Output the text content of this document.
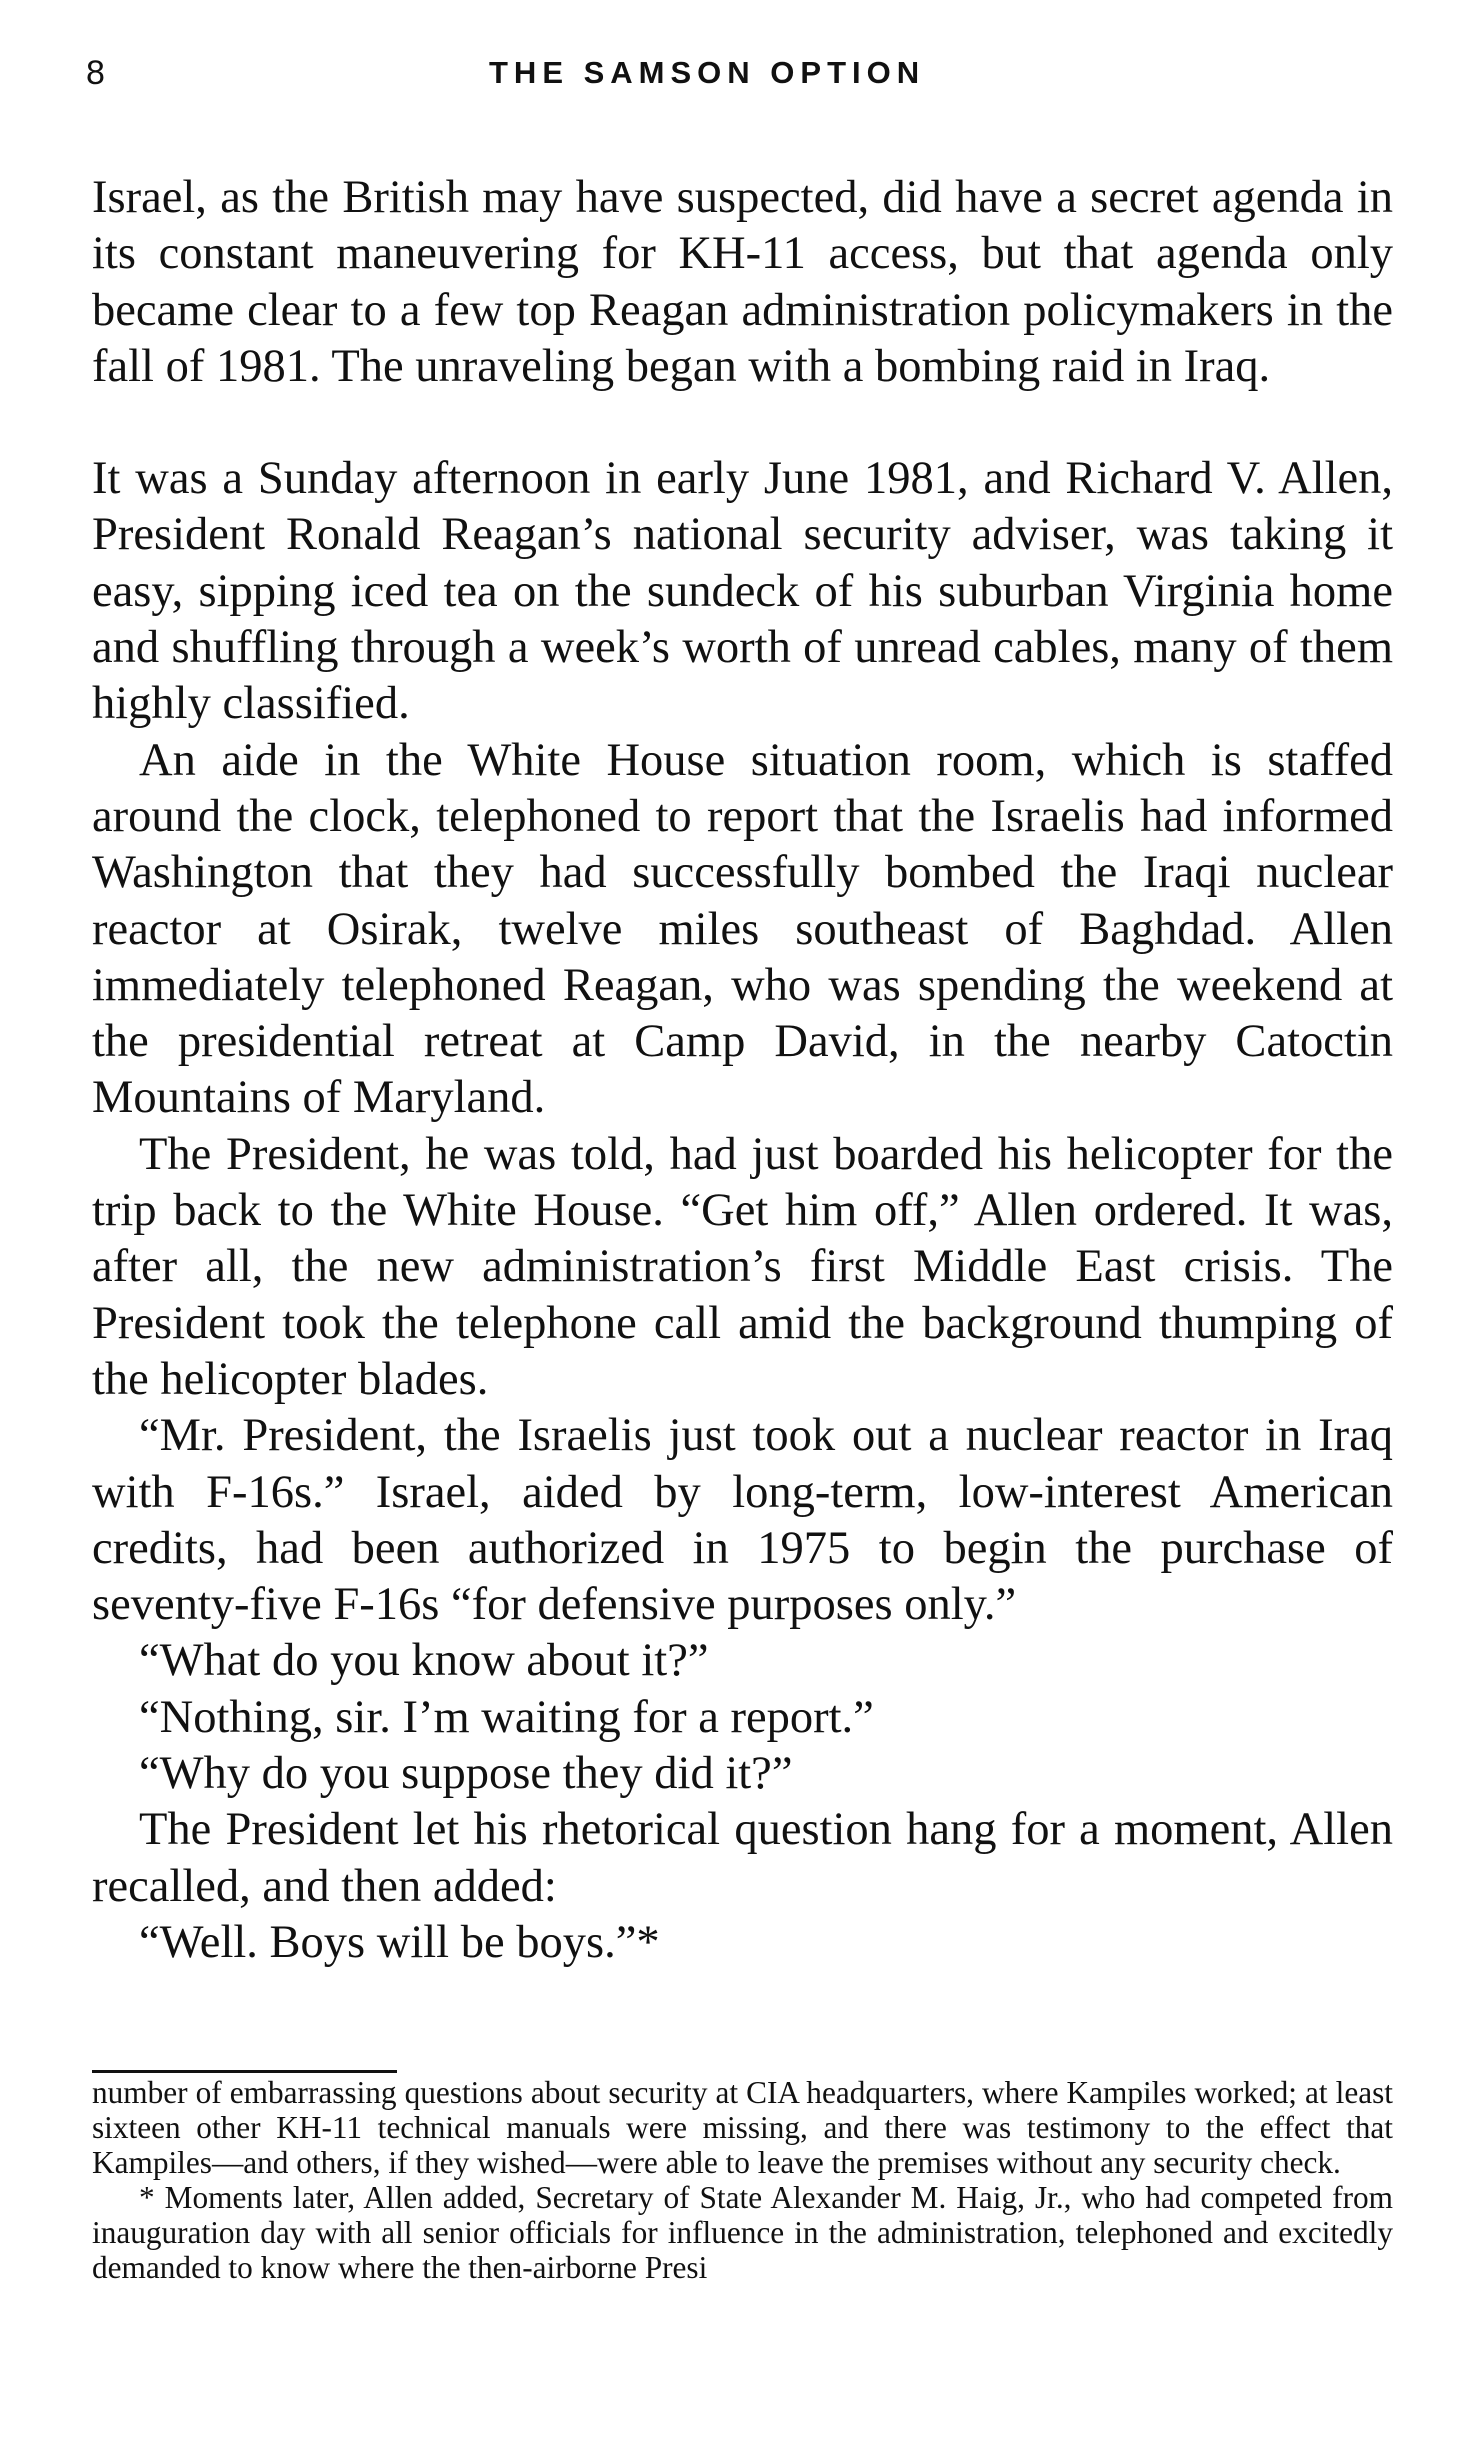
8	THE SAMSON OPTION

Israel, as the British may have suspected, did have a secret agenda in its constant maneuvering for KH-11 access, but that agenda only became clear to a few top Reagan administration policymakers in the fall of 1981. The unraveling began with a bombing raid in Iraq.

It was a Sunday afternoon in early June 1981, and Richard V. Allen, President Ronald Reagan’s national security adviser, was taking it easy, sipping iced tea on the sundeck of his suburban Virginia home and shuffling through a week’s worth of unread cables, many of them highly classified.

An aide in the White House situation room, which is staffed around the clock, telephoned to report that the Israelis had informed Washington that they had successfully bombed the Iraqi nuclear reactor at Osirak, twelve miles southeast of Baghdad. Allen immediately telephoned Reagan, who was spending the weekend at the presidential retreat at Camp David, in the nearby Catoctin Mountains of Maryland.

The President, he was told, had just boarded his helicopter for the trip back to the White House. “Get him off,” Allen ordered. It was, after all, the new administration’s first Middle East crisis. The President took the telephone call amid the background thumping of the helicopter blades.

“Mr. President, the Israelis just took out a nuclear reactor in Iraq with F-16s.” Israel, aided by long-term, low-interest American credits, had been authorized in 1975 to begin the purchase of seventy-five F-16s “for defensive purposes only.”

“What do you know about it?”

“Nothing, sir. I’m waiting for a report.”

“Why do you suppose they did it?”

The President let his rhetorical question hang for a moment, Allen recalled, and then added:

“Well. Boys will be boys.”*

number of embarrassing questions about security at CIA headquarters, where Kampiles worked; at least sixteen other KH-11 technical manuals were missing, and there was testimony to the effect that Kampiles—and others, if they wished—were able to leave the premises without any security check.

* Moments later, Allen added, Secretary of State Alexander M. Haig, Jr., who had competed from inauguration day with all senior officials for influence in the administration, telephoned and excitedly demanded to know where the then-airborne Presi
